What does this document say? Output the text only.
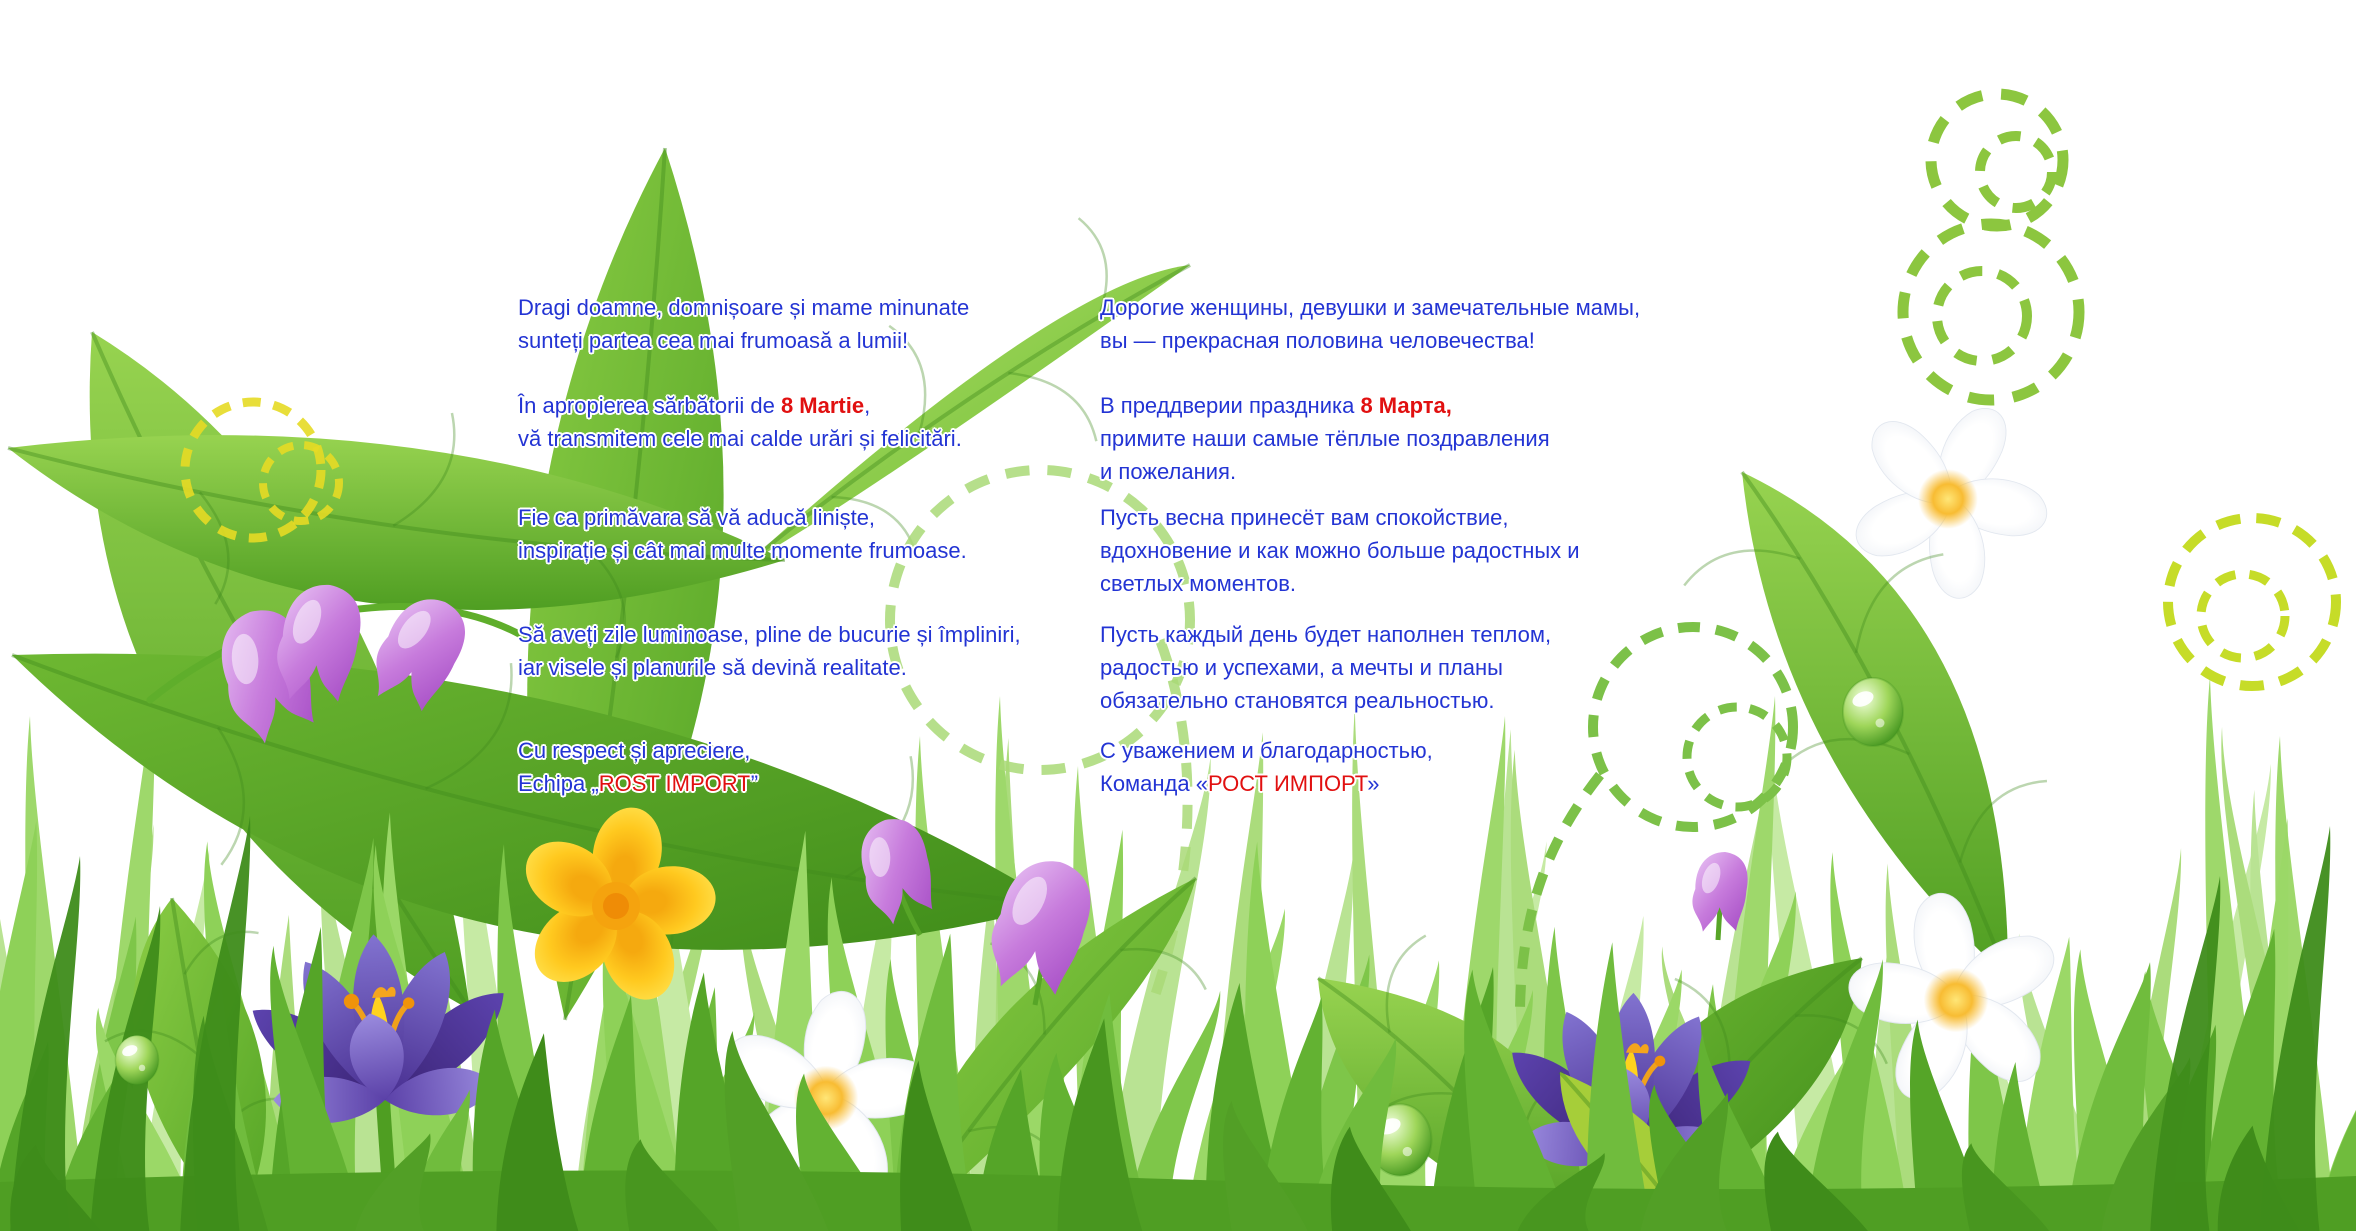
Dragi doamne, domnișoare și mame minunate
sunteți partea cea mai frumoasă a lumii!
În apropierea sărbătorii de 8 Martie,
vă transmitem cele mai calde urări și felicitări.
Fie ca primăvara să vă aducă liniște,
inspirație și cât mai multe momente frumoase.
Să aveți zile luminoase, pline de bucurie și împliniri,
iar visele și planurile să devină realitate.
Cu respect și apreciere,
Echipa „ROST IMPORT”
Дорогие женщины, девушки и замечательные мамы,
вы — прекрасная половина человечества!
В преддверии праздника 8 Марта,
примите наши самые тёплые поздравления
и пожелания.
Пусть весна принесёт вам спокойствие,
вдохновение и как можно больше радостных и
светлых моментов.
Пусть каждый день будет наполнен теплом,
радостью и успехами, а мечты и планы
обязательно становятся реальностью.
С уважением и благодарностью,
Команда «РОСТ ИМПОРТ»
